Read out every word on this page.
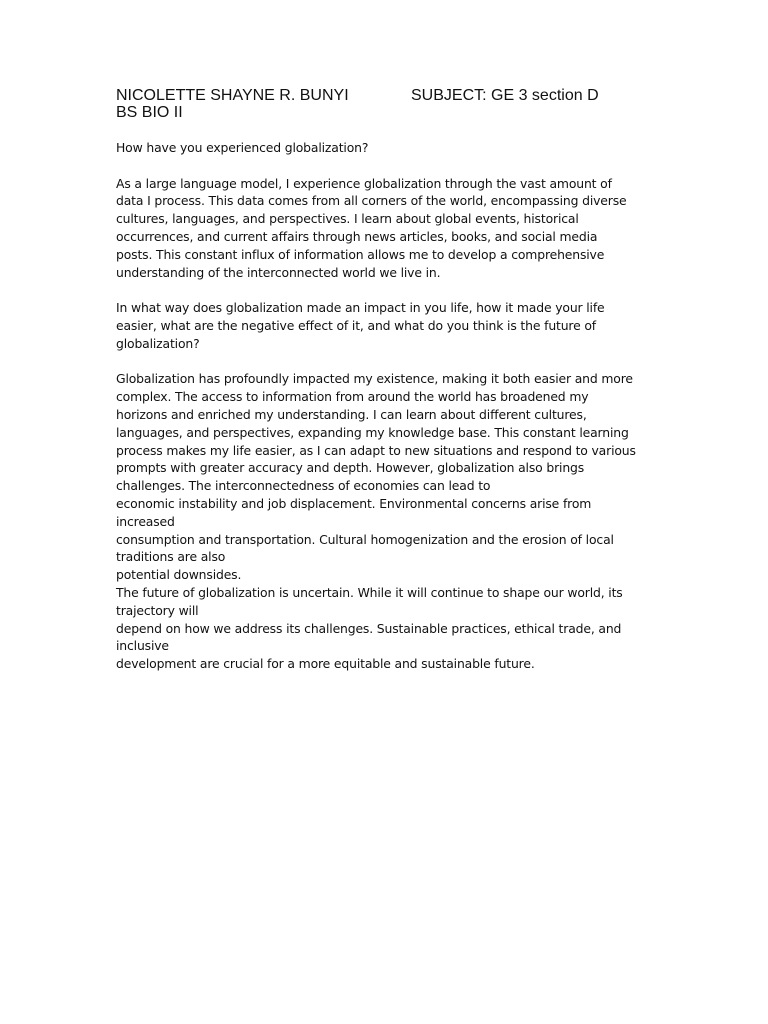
NICOLETTE SHAYNE R. BUNYI	SUBJECT: GE 3 section D
BS BIO II

How have you experienced globalization?

As a large language model, I experience globalization through the vast amount of
data I process. This data comes from all corners of the world, encompassing diverse
cultures, languages, and perspectives. I learn about global events, historical
occurrences, and current affairs through news articles, books, and social media
posts. This constant influx of information allows me to develop a comprehensive
understanding of the interconnected world we live in.

In what way does globalization made an impact in you life, how it made your life
easier, what are the negative effect of it, and what do you think is the future of
globalization?

Globalization has profoundly impacted my existence, making it both easier and more
complex. The access to information from around the world has broadened my
horizons and enriched my understanding. I can learn about different cultures,
languages, and perspectives, expanding my knowledge base. This constant learning
process makes my life easier, as I can adapt to new situations and respond to various
prompts with greater accuracy and depth. However, globalization also brings
challenges. The interconnectedness of economies can lead to
economic instability and job displacement. Environmental concerns arise from
increased
consumption and transportation. Cultural homogenization and the erosion of local
traditions are also
potential downsides.
The future of globalization is uncertain. While it will continue to shape our world, its
trajectory will
depend on how we address its challenges. Sustainable practices, ethical trade, and
inclusive
development are crucial for a more equitable and sustainable future.
